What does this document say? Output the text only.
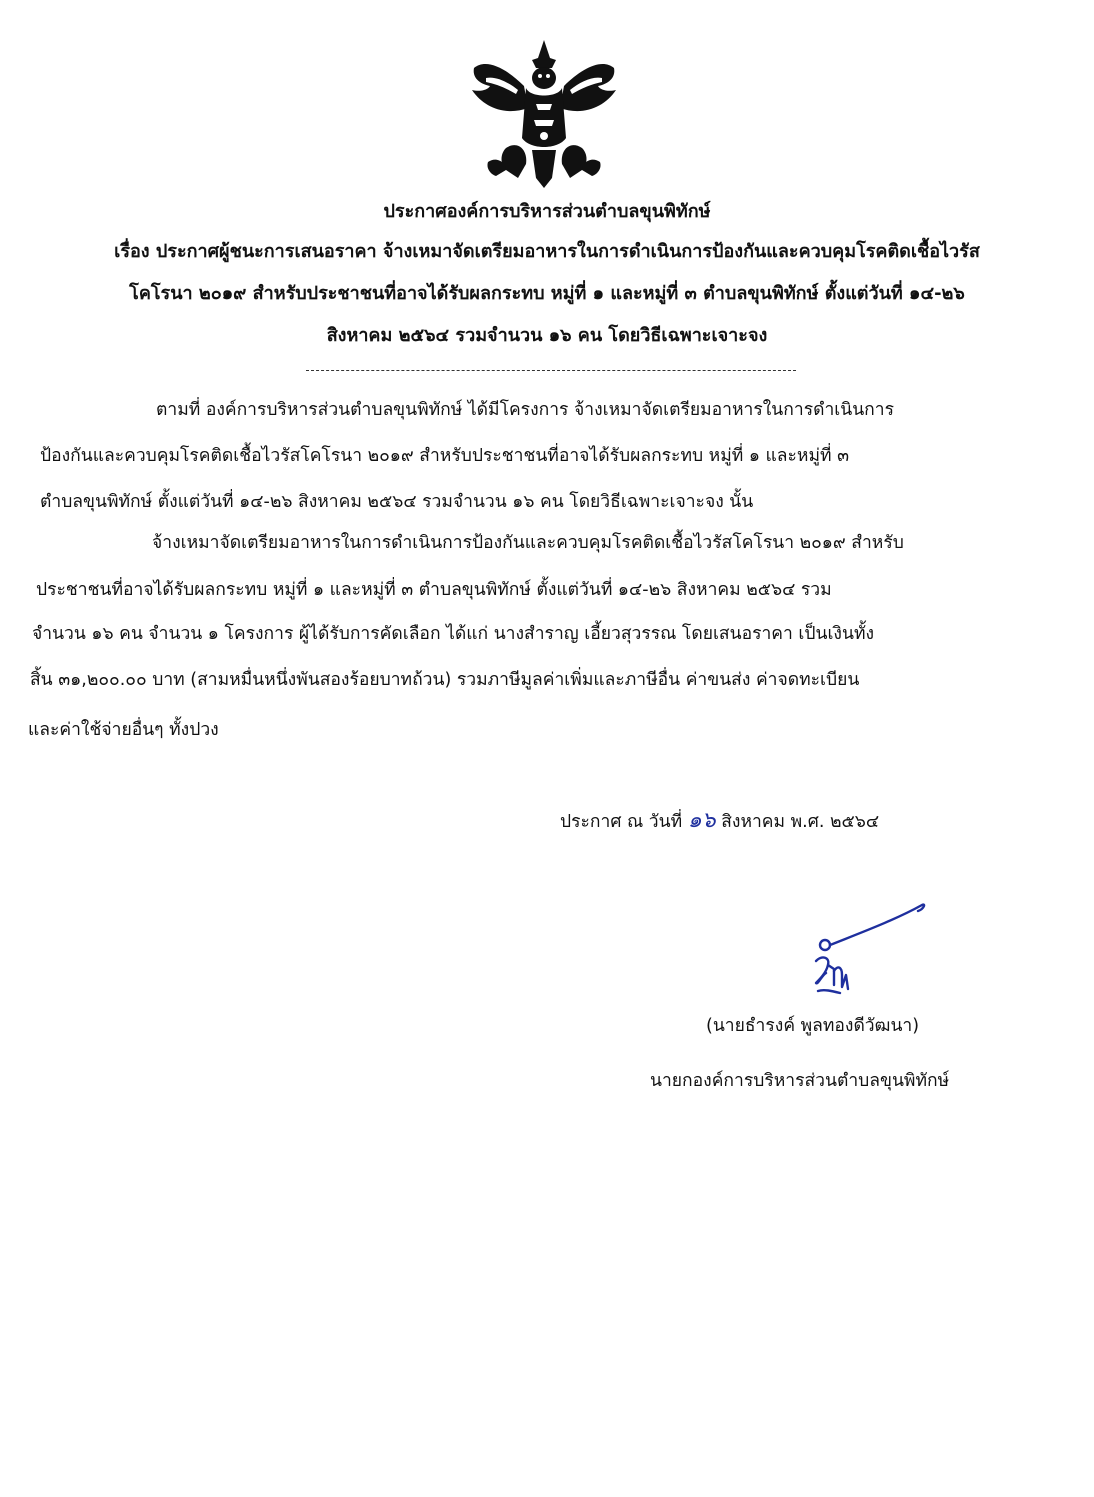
ประกาศองค์การบริหารส่วนตำบลขุนพิทักษ์
เรื่อง ประกาศผู้ชนะการเสนอราคา จ้างเหมาจัดเตรียมอาหารในการดำเนินการป้องกันและควบคุมโรคติดเชื้อไวรัส
โคโรนา ๒๐๑๙ สำหรับประชาชนที่อาจได้รับผลกระทบ หมู่ที่ ๑ และหมู่ที่ ๓ ตำบลขุนพิทักษ์ ตั้งแต่วันที่ ๑๔-๒๖
สิงหาคม ๒๕๖๔ รวมจำนวน ๑๖ คน โดยวิธีเฉพาะเจาะจง
ตามที่ องค์การบริหารส่วนตำบลขุนพิทักษ์ ได้มีโครงการ จ้างเหมาจัดเตรียมอาหารในการดำเนินการ
ป้องกันและควบคุมโรคติดเชื้อไวรัสโคโรนา ๒๐๑๙ สำหรับประชาชนที่อาจได้รับผลกระทบ หมู่ที่ ๑ และหมู่ที่ ๓
ตำบลขุนพิทักษ์ ตั้งแต่วันที่ ๑๔-๒๖ สิงหาคม ๒๕๖๔ รวมจำนวน ๑๖ คน โดยวิธีเฉพาะเจาะจง นั้น
จ้างเหมาจัดเตรียมอาหารในการดำเนินการป้องกันและควบคุมโรคติดเชื้อไวรัสโคโรนา ๒๐๑๙ สำหรับ
ประชาชนที่อาจได้รับผลกระทบ หมู่ที่ ๑ และหมู่ที่ ๓ ตำบลขุนพิทักษ์ ตั้งแต่วันที่ ๑๔-๒๖ สิงหาคม ๒๕๖๔ รวม
จำนวน ๑๖ คน จำนวน ๑ โครงการ ผู้ได้รับการคัดเลือก ได้แก่ นางสำราญ เอี้ยวสุวรรณ โดยเสนอราคา เป็นเงินทั้ง
สิ้น ๓๑,๒๐๐.๐๐ บาท (สามหมื่นหนึ่งพันสองร้อยบาทถ้วน) รวมภาษีมูลค่าเพิ่มและภาษีอื่น ค่าขนส่ง ค่าจดทะเบียน
และค่าใช้จ่ายอื่นๆ ทั้งปวง
ประกาศ ณ วันที่ ๑๖ สิงหาคม พ.ศ. ๒๕๖๔
(นายธำรงค์ พูลทองดีวัฒนา)
นายกองค์การบริหารส่วนตำบลขุนพิทักษ์
